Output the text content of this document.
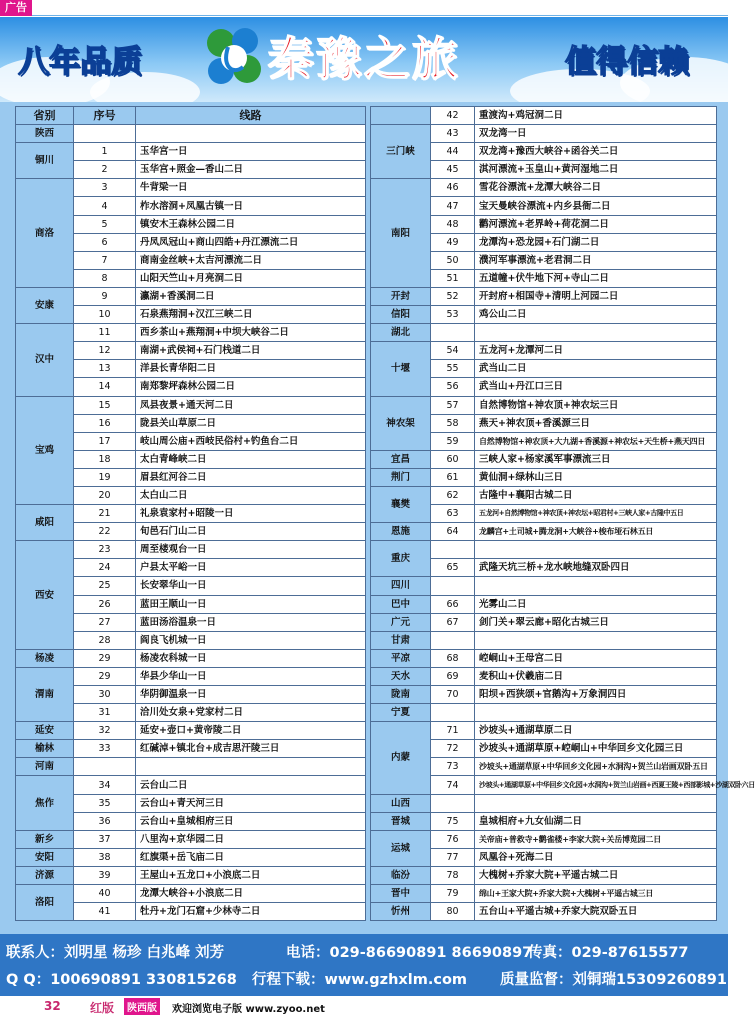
广告
八年品质	秦豫之旅	值得信赖
省别	序号	线路
陕西		
铜川	1	玉华宫一日
	2	玉华宫+照金—香山二日
商洛	3	牛背梁一日
	4	柞水溶洞+凤凰古镇一日
	5	镇安木王森林公园二日
	6	丹凤凤冠山+商山四皓+丹江漂流二日
	7	商南金丝峡+太吉河漂流二日
	8	山阳天竺山+月亮洞二日
安康	9	瀛湖+香溪洞二日
	10	石泉燕翔洞+汉江三峡二日
汉中	11	西乡茶山+燕翔洞+中坝大峡谷二日
	12	南湖+武侯祠+石门栈道二日
	13	洋县长青华阳二日
	14	南郑黎坪森林公园二日
宝鸡	15	凤县夜景+通天河二日
	16	陇县关山草原二日
	17	岐山周公庙+西岐民俗村+钓鱼台二日
	18	太白青峰峡二日
	19	眉县红河谷二日
	20	太白山二日
咸阳	21	礼泉袁家村+昭陵一日
	22	旬邑石门山二日
西安	23	周至楼观台一日
	24	户县太平峪一日
	25	长安翠华山一日
	26	蓝田王顺山一日
	27	蓝田汤浴温泉一日
	28	阎良飞机城一日
杨凌	29	杨凌农科城一日
渭南	29	华县少华山一日
	30	华阴御温泉一日
	31	洽川处女泉+党家村二日
延安	32	延安+壶口+黄帝陵二日
榆林	33	红碱淖+镇北台+成吉思汗陵三日
河南		
焦作	34	云台山二日
	35	云台山+青天河三日
	36	云台山+皇城相府三日
新乡	37	八里沟+京华园二日
安阳	38	红旗渠+岳飞庙二日
济源	39	王屋山+五龙口+小浪底二日
洛阳	40	龙潭大峡谷+小浪底二日
	41	牡丹+龙门石窟+少林寺二日
	42	重渡沟+鸡冠洞二日
三门峡	43	双龙湾一日
	44	双龙湾+豫西大峡谷+函谷关二日
	45	淇河漂流+玉皇山+黄河湿地二日
南阳	46	雪花谷漂流+龙潭大峡谷二日
	47	宝天曼峡谷漂流+内乡县衙二日
	48	鹳河漂流+老界岭+荷花洞二日
	49	龙潭沟+恐龙园+石门湖二日
	50	濮河军事漂流+老君洞二日
	51	五道幢+伏牛地下河+寺山二日
开封	52	开封府+相国寺+清明上河园二日
信阳	53	鸡公山二日
湖北		
十堰	54	五龙河+龙潭河二日
	55	武当山二日
	56	武当山+丹江口三日
神农架	57	自然博物馆+神农顶+神农坛三日
	58	燕天+神农顶+香溪源三日
	59	自然博物馆+神农顶+大九湖+香溪源+神农坛+天生桥+燕天四日
宜昌	60	三峡人家+杨家溪军事漂流三日
荆门	61	黄仙洞+绿林山三日
襄樊	62	古隆中+襄阳古城二日
	63	五龙河+自然博物馆+神农顶+神农坛+昭君村+三峡人家+古隆中五日
恩施	64	龙麟宫+土司城+腾龙洞+大峡谷+梭布垭石林五日
重庆		
	65	武隆天坑三桥+龙水峡地缝双卧四日
四川		
巴中	66	光雾山二日
广元	67	剑门关+翠云廊+昭化古城三日
甘肃		
平凉	68	崆峒山+王母宫二日
天水	69	麦积山+伏羲庙二日
陇南	70	阳坝+西狭颂+官鹅沟+万象洞四日
宁夏		
内蒙	71	沙坡头+通湖草原二日
	72	沙坡头+通湖草原+崆峒山+中华回乡文化园三日
	73	沙坡头+通湖草原+中华回乡文化园+水洞沟+贺兰山岩画双卧五日
	74	沙坡头+通湖草原+中华回乡文化园+水洞沟+贺兰山岩画+西夏王陵+西部影城+沙湖双卧六日
山西		
晋城	75	皇城相府+九女仙湖二日
运城	76	关帝庙+普救寺+鹳雀楼+李家大院+关岳博览园二日
	77	凤凰谷+死海二日
临汾	78	大槐树+乔家大院+平遥古城二日
晋中	79	绵山+王家大院+乔家大院+大槐树+平遥古城三日
忻州	80	五台山+平遥古城+乔家大院双卧五日
联系人：刘明星 杨珍 白兆峰 刘芳	电话：029-86690891 86690897
传真：029-87615577
Q Q：100690891 330815268 行程下载：www.gzhxlm.com 质量监督：刘铜瑞15309260891
32 红版	陕西版	欢迎浏览电子版 www.zyoo.net
